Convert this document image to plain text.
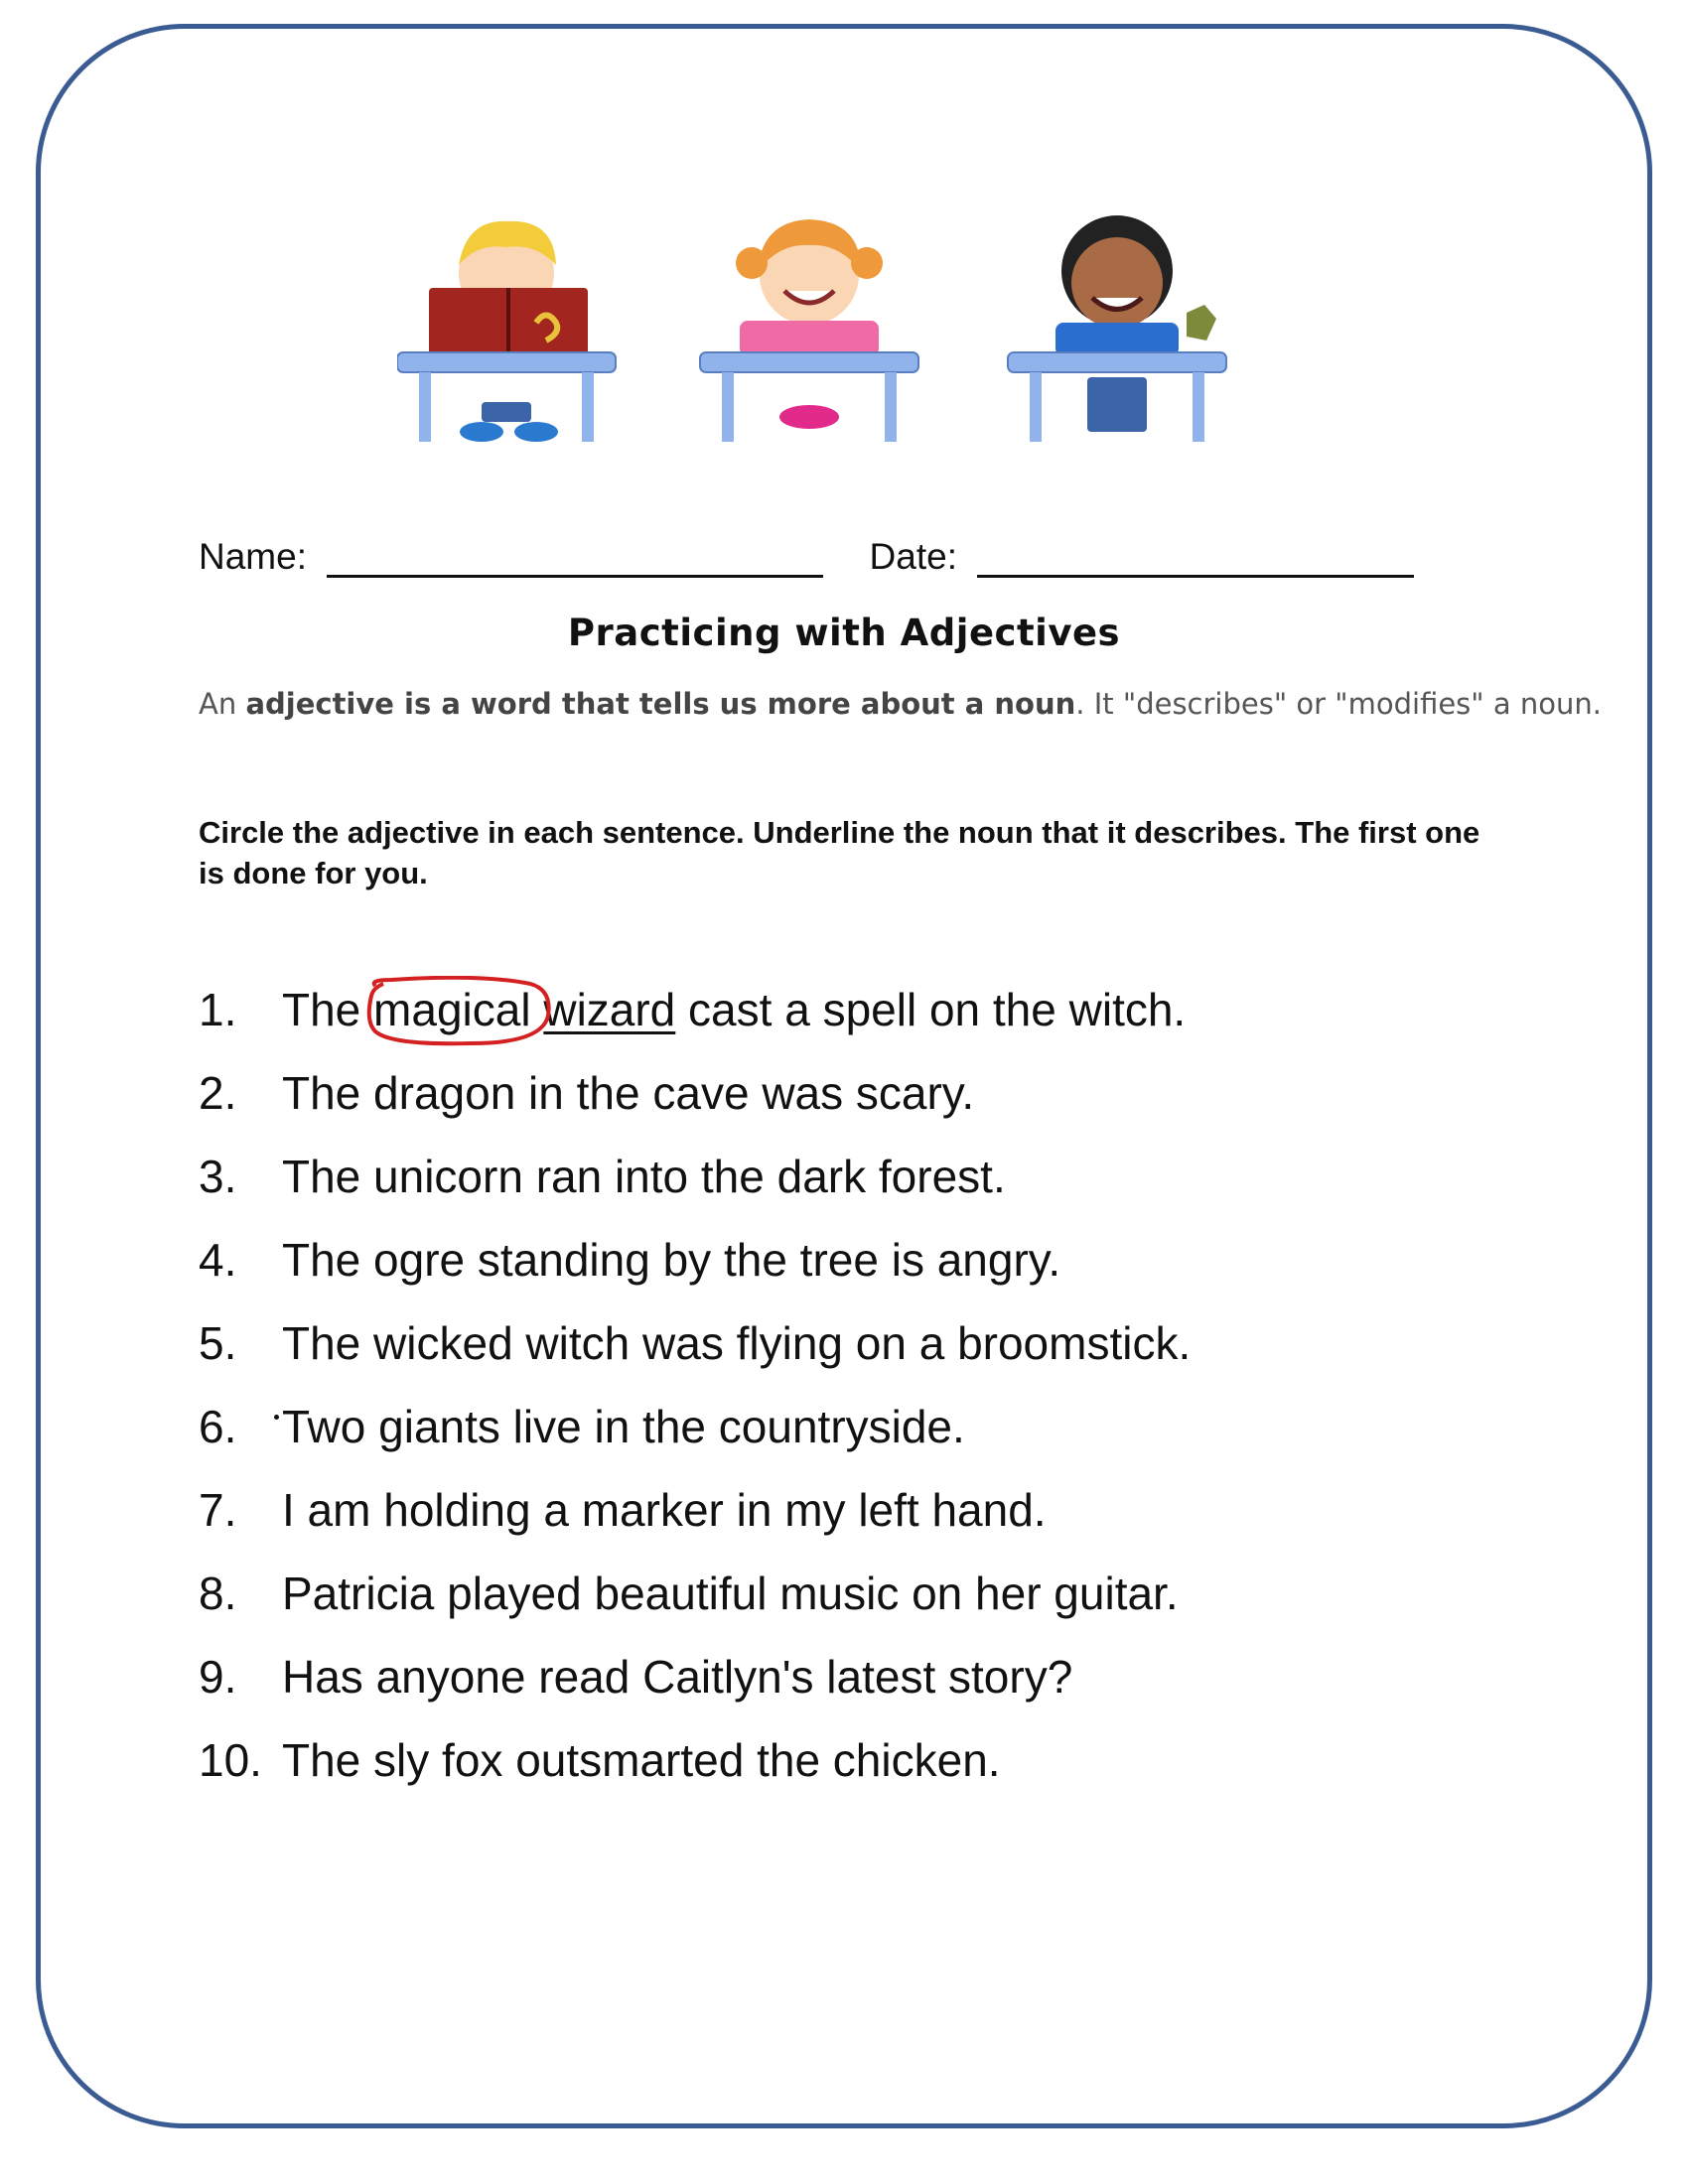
Name:	Date:
Practicing with Adjectives
An adjective is a word that tells us more about a noun. It "describes" or "modifies" a noun.
Circle the adjective in each sentence. Underline the noun that it describes. The first one is done for you.
1. The magical wizard cast a spell on the witch.
2. The dragon in the cave was scary.
3. The unicorn ran into the dark forest.
4. The ogre standing by the tree is angry.
5. The wicked witch was flying on a broomstick.
6. Two giants live in the countryside.
7. I am holding a marker in my left hand.
8. Patricia played beautiful music on her guitar.
9. Has anyone read Caitlyn's latest story?
10. The sly fox outsmarted the chicken.
